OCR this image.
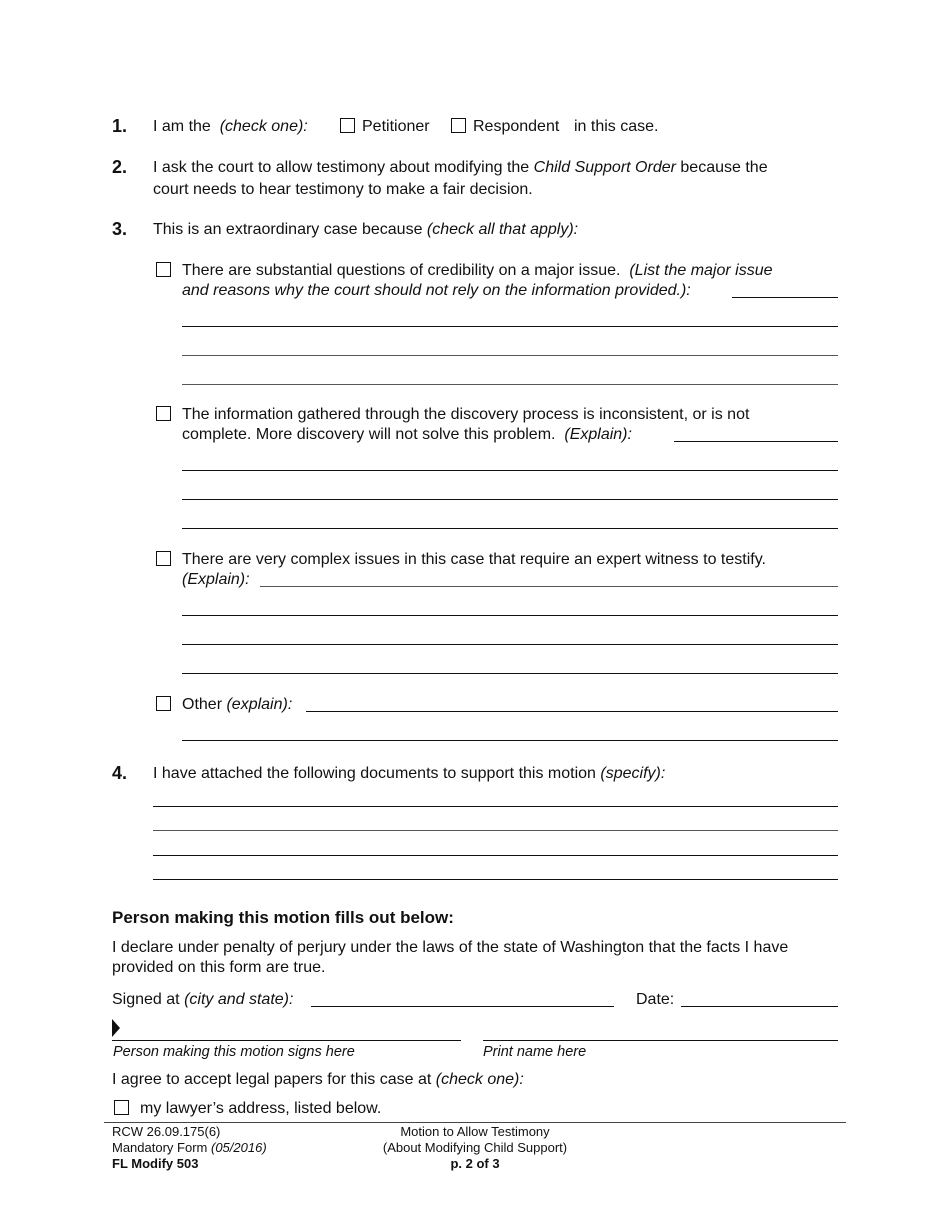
1. I am the (check one):	Petitioner	Respondent in this case.
2. I ask the court to allow testimony about modifying the Child Support Order because the
court needs to hear testimony to make a fair decision.
3. This is an extraordinary case because (check all that apply):
There are substantial questions of credibility on a major issue. (List the major issue
and reasons why the court should not rely on the information provided.):
The information gathered through the discovery process is inconsistent, or is not
complete. More discovery will not solve this problem. (Explain):
There are very complex issues in this case that require an expert witness to testify.
(Explain):
Other (explain):
4. I have attached the following documents to support this motion (specify):
Person making this motion fills out below:
I declare under penalty of perjury under the laws of the state of Washington that the facts I have
provided on this form are true.
Signed at (city and state):	Date:
Person making this motion signs here	Print name here
I agree to accept legal papers for this case at (check one):
my lawyer’s address, listed below.
RCW 26.09.175(6)
Mandatory Form (05/2016)
FL Modify 503
Motion to Allow Testimony
(About Modifying Child Support)
p. 2 of 3
